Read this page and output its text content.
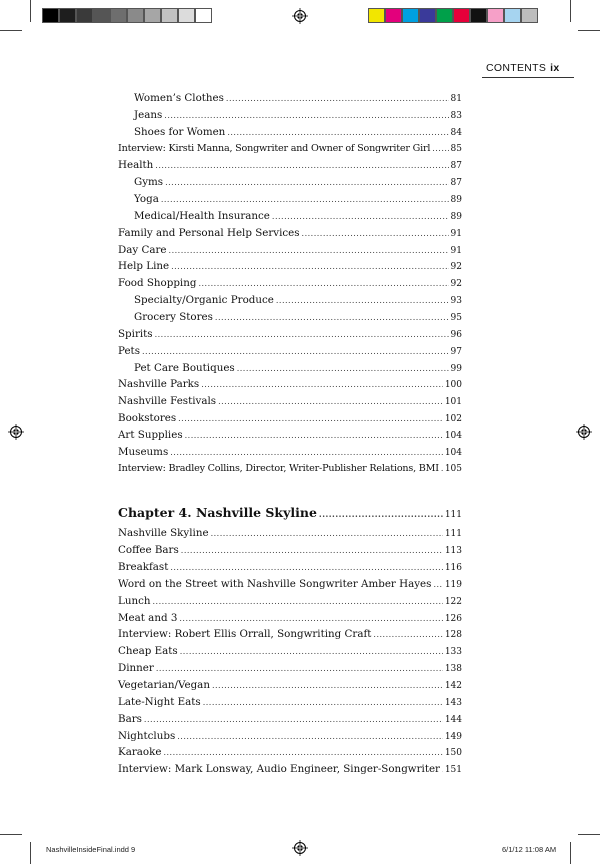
CONTENTS ix
Women’s Clothes .....	81
Jeans .....	83
Shoes for Women .....	84
Interview: Kirsti Manna, Songwriter and Owner of Songwriter Girl ..... 85
Health .....	87
Gyms .....	87
Yoga .....	89
Medical/Health Insurance .....	89
Family and Personal Help Services .....	91
Day Care .....	91
Help Line .....	92
Food Shopping .....	92
Specialty/Organic Produce .....	93
Grocery Stores .....	95
Spirits .....	96
Pets .....	97
Pet Care Boutiques .....	99
Nashville Parks .....	100
Nashville Festivals .....	101
Bookstores .....	102
Art Supplies .....	104
Museums .....	104
Interview: Bradley Collins, Director, Writer-Publisher Relations, BMI ..... 105
Chapter 4. Nashville Skyline .....	111
Nashville Skyline .....	111
Coffee Bars .....	113
Breakfast .....	116
Word on the Street with Nashville Songwriter Amber Hayes ..... 119
Lunch .....	122
Meat and 3 .....	126
Interview: Robert Ellis Orrall, Songwriting Craft .....	128
Cheap Eats .....	133
Dinner .....	138
Vegetarian/Vegan .....	142
Late-Night Eats .....	143
Bars .....	144
Nightclubs .....	149
Karaoke .....	150
Interview: Mark Lonsway, Audio Engineer, Singer-Songwriter ..... 151
NashvilleInsideFinal.indd 9	6/1/12 11:08 AM
